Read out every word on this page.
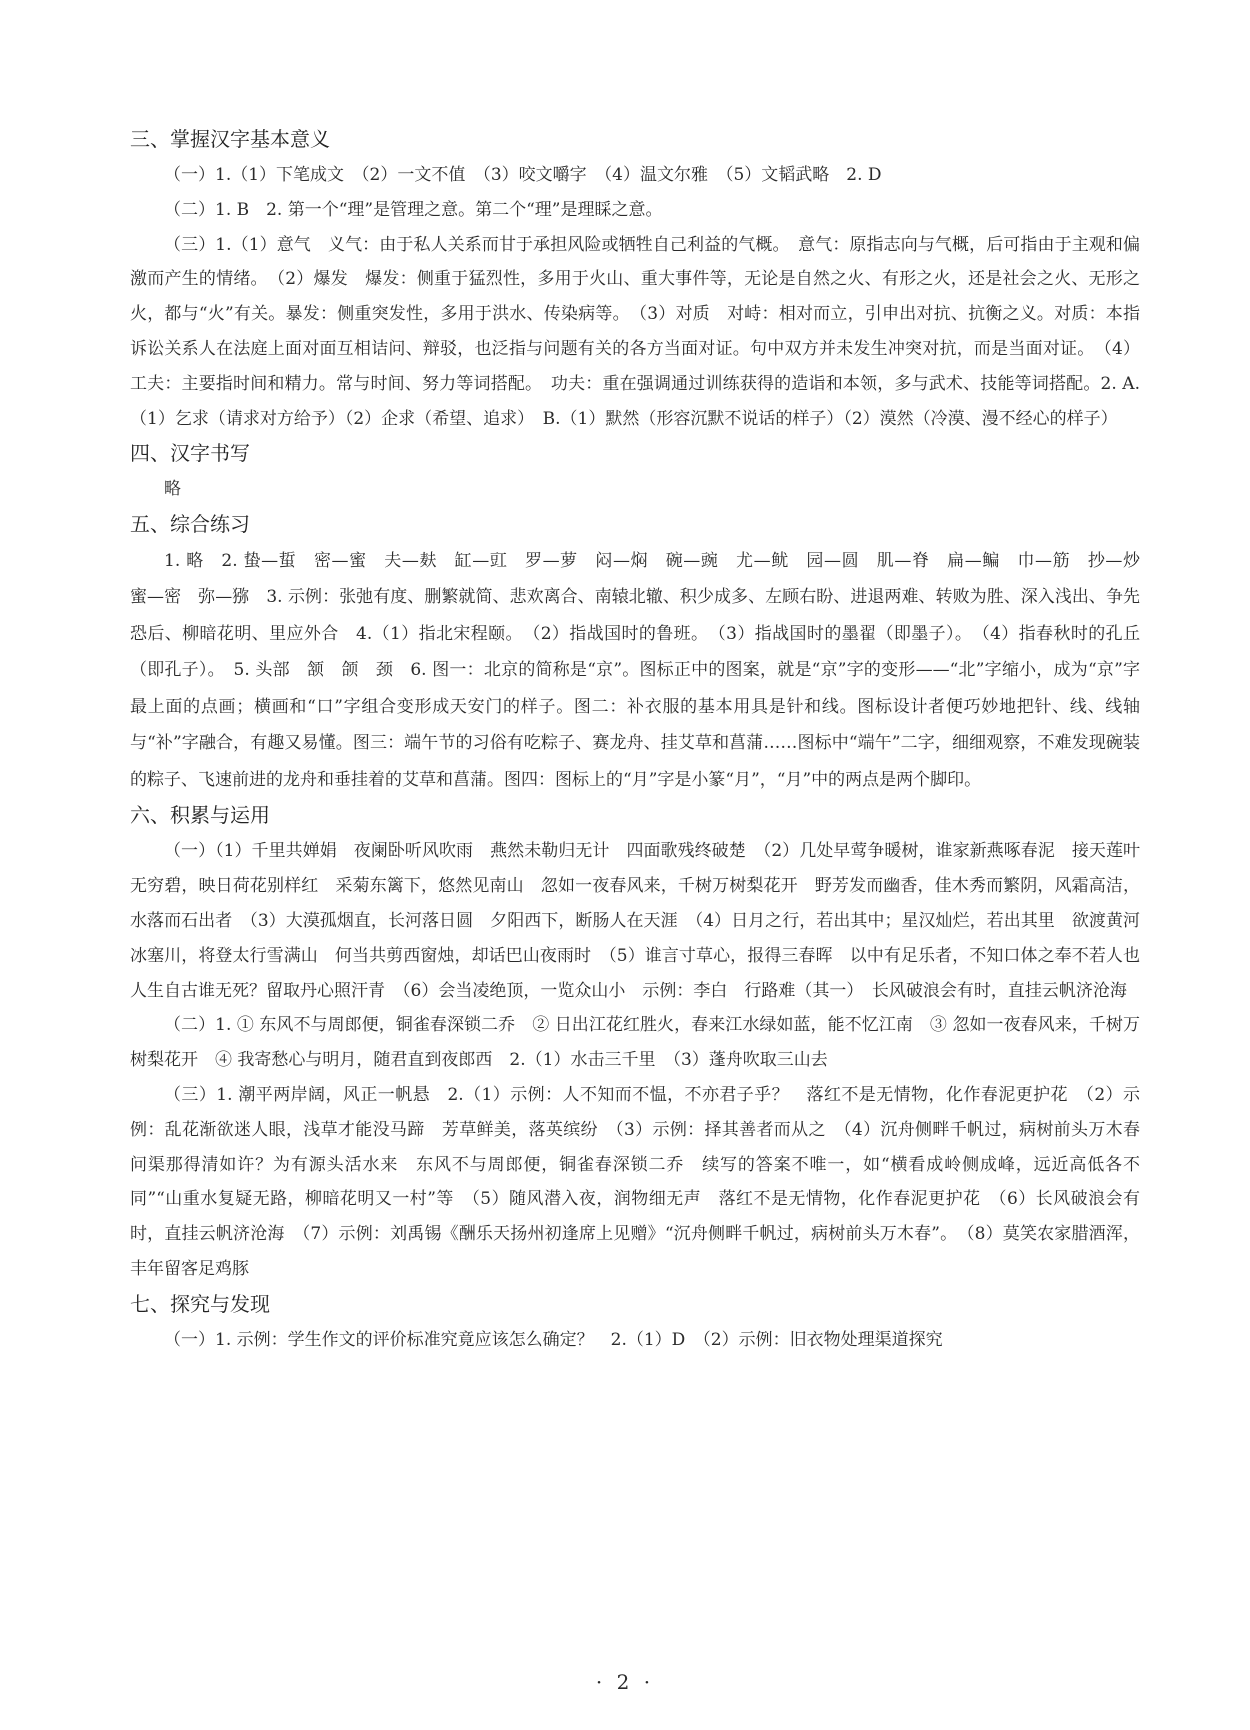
三、掌握汉字基本意义

（一）1.（1）下笔成文　（2）一文不值　（3）咬文嚼字　（4）温文尔雅　（5）文韬武略　2. D

（二）1. B　2. 第一个“理”是管理之意。第二个“理”是理睬之意。

（三）1.（1）意气　义气：由于私人关系而甘于承担风险或牺牲自己利益的气概。　意气：原指志向与气概，后可指由于主观和偏激而产生的情绪。　（2）爆发　爆发：侧重于猛烈性，多用于火山、重大事件等，无论是自然之火、有形之火，还是社会之火、无形之火，都与“火”有关。暴发：侧重突发性，多用于洪水、传染病等。　（3）对质　对峙：相对而立，引申出对抗、抗衡之义。对质：本指诉讼关系人在法庭上面对面互相诘问、辩驳，也泛指与问题有关的各方当面对证。句中双方并未发生冲突对抗，而是当面对证。　（4）工夫：主要指时间和精力。常与时间、努力等词搭配。　功夫：重在强调通过训练获得的造诣和本领，多与武术、技能等词搭配。2. A.（1）乞求（请求对方给予）（2）企求（希望、追求）　B.（1）默然（形容沉默不说话的样子）（2）漠然（冷漠、漫不经心的样子）

四、汉字书写

略

五、综合练习

1. 略　2. 蛰—蜇　密—蜜　夫—麸　缸—豇　罗—萝　闷—焖　碗—豌　尤—鱿　园—圆　肌—脊　扁—鳊　巾—筋　抄—炒　蜜—密　弥—猕　3. 示例：张弛有度、删繁就简、悲欢离合、南辕北辙、积少成多、左顾右盼、进退两难、转败为胜、深入浅出、争先恐后、柳暗花明、里应外合　4.（1）指北宋程颐。　（2）指战国时的鲁班。　（3）指战国时的墨翟（即墨子）。　（4）指春秋时的孔丘（即孔子）。　5. 头部　颔　颌　颈　6. 图一：北京的简称是“京”。图标正中的图案，就是“京”字的变形——“北”字缩小，成为“京”字最上面的点画；横画和“口”字组合变形成天安门的样子。图二：补衣服的基本用具是针和线。图标设计者便巧妙地把针、线、线轴与“补”字融合，有趣又易懂。图三：端午节的习俗有吃粽子、赛龙舟、挂艾草和菖蒲……图标中“端午”二字，细细观察，不难发现碗装的粽子、飞速前进的龙舟和垂挂着的艾草和菖蒲。图四：图标上的“月”字是小篆“月”，“月”中的两点是两个脚印。

六、积累与运用

（一）（1）千里共婵娟　夜阑卧听风吹雨　燕然未勒归无计　四面歌残终破楚　（2）几处早莺争暖树，谁家新燕啄春泥　接天莲叶无穷碧，映日荷花别样红　采菊东篱下，悠然见南山　忽如一夜春风来，千树万树梨花开　野芳发而幽香，佳木秀而繁阴，风霜高洁，水落而石出者　（3）大漠孤烟直，长河落日圆　夕阳西下，断肠人在天涯　（4）日月之行，若出其中；星汉灿烂，若出其里　欲渡黄河冰塞川，将登太行雪满山　何当共剪西窗烛，却话巴山夜雨时　（5）谁言寸草心，报得三春晖　以中有足乐者，不知口体之奉不若人也　人生自古谁无死？留取丹心照汗青　（6）会当凌绝顶，一览众山小　示例：李白　行路难（其一）　长风破浪会有时，直挂云帆济沧海

（二）1. ① 东风不与周郎便，铜雀春深锁二乔　② 日出江花红胜火，春来江水绿如蓝，能不忆江南　③ 忽如一夜春风来，千树万树梨花开　④ 我寄愁心与明月，随君直到夜郎西　2.（1）水击三千里　（3）蓬舟吹取三山去

（三）1. 潮平两岸阔，风正一帆悬　2.（1）示例：人不知而不愠，不亦君子乎？　落红不是无情物，化作春泥更护花　（2）示例：乱花渐欲迷人眼，浅草才能没马蹄　芳草鲜美，落英缤纷　（3）示例：择其善者而从之　（4）沉舟侧畔千帆过，病树前头万木春　问渠那得清如许？为有源头活水来　东风不与周郎便，铜雀春深锁二乔　续写的答案不唯一，如“横看成岭侧成峰，远近高低各不同”“山重水复疑无路，柳暗花明又一村”等　（5）随风潜入夜，润物细无声　落红不是无情物，化作春泥更护花　（6）长风破浪会有时，直挂云帆济沧海　（7）示例：刘禹锡《酬乐天扬州初逢席上见赠》“沉舟侧畔千帆过，病树前头万木春”。　（8）莫笑农家腊酒浑，丰年留客足鸡豚

七、探究与发现

（一）1. 示例：学生作文的评价标准究竟应该怎么确定？　2.（1）D　（2）示例：旧衣物处理渠道探究

· 2 ·
